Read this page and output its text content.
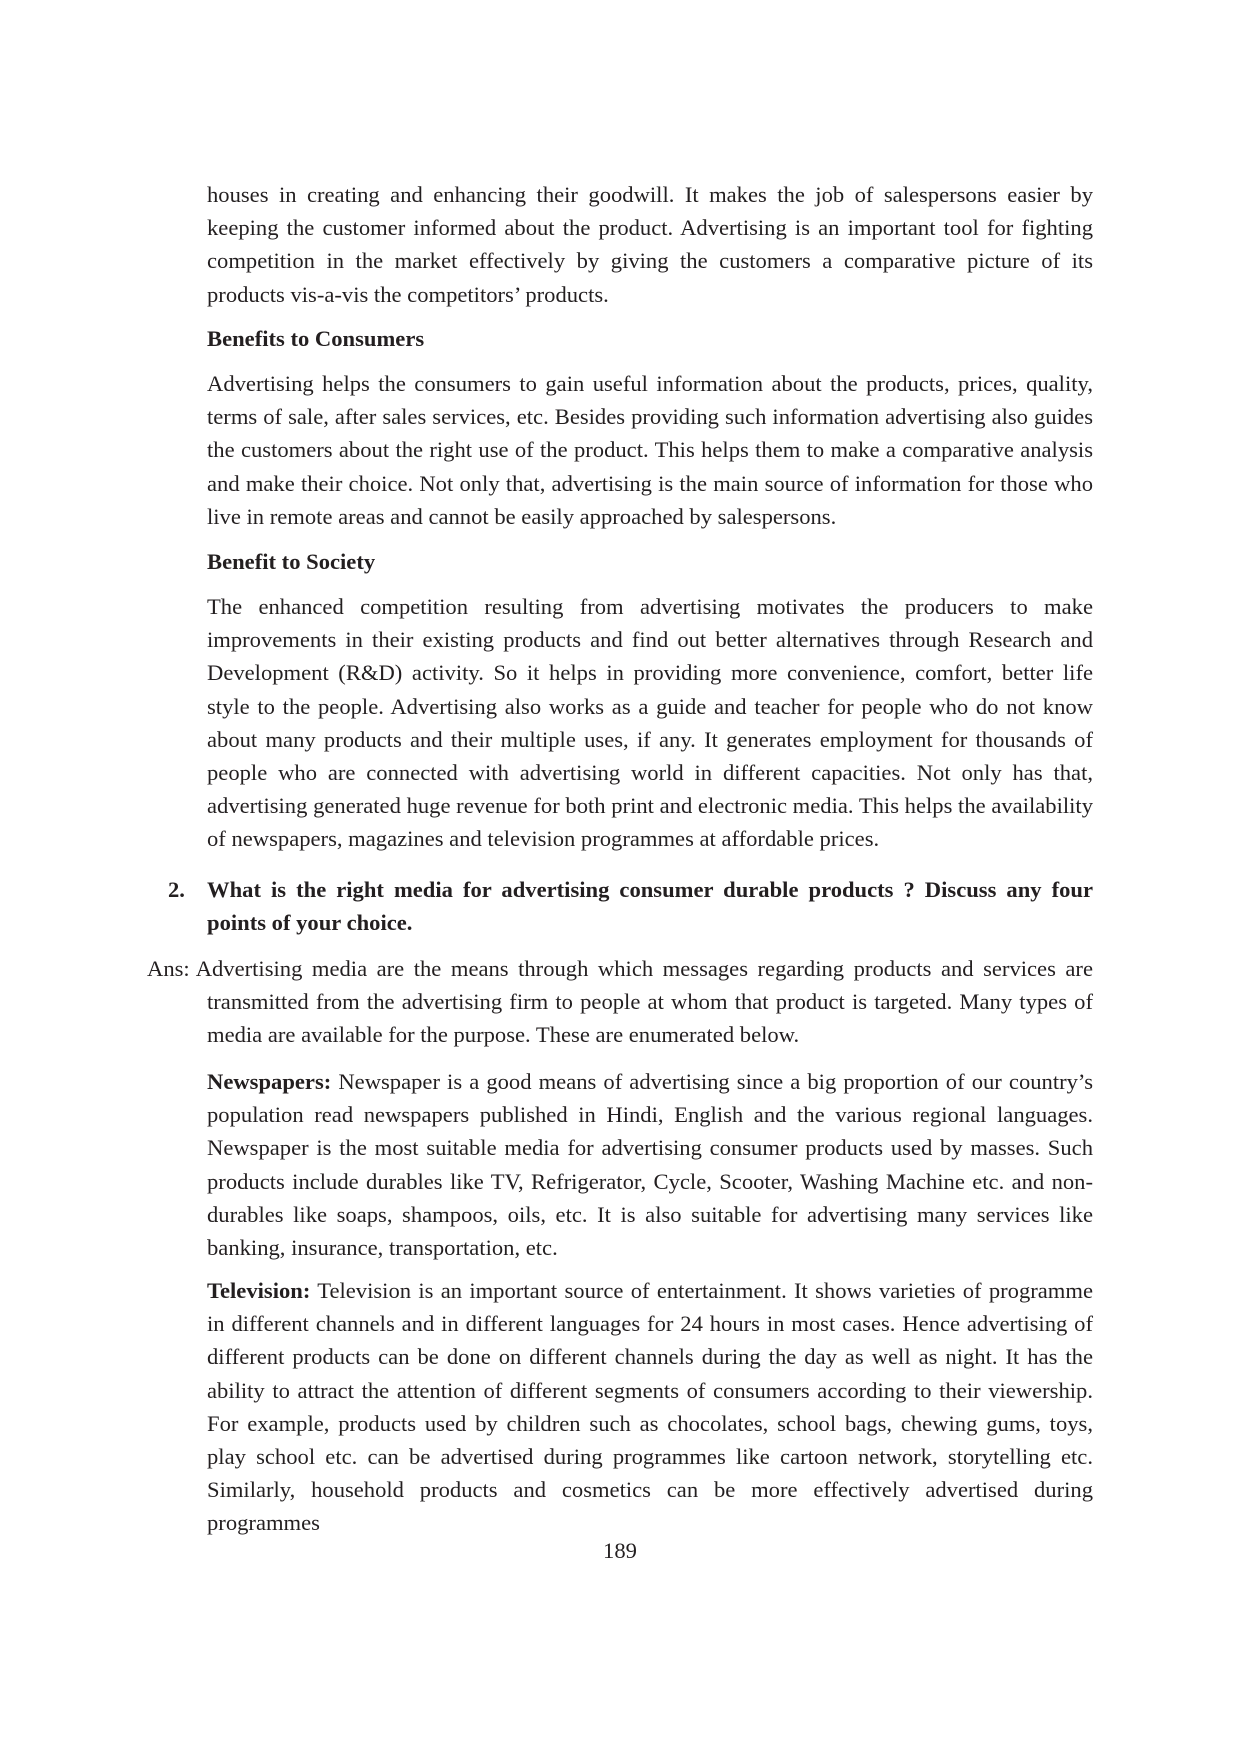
houses in creating and enhancing their goodwill. It makes the job of salespersons easier by keeping the customer informed about the product. Advertising is an important tool for fighting competition in the market effectively by giving the customers a comparative picture of its products vis-a-vis the competitors’ products.

Benefits to Consumers

Advertising helps the consumers to gain useful information about the products, prices, quality, terms of sale, after sales services, etc. Besides providing such information advertising also guides the customers about the right use of the product. This helps them to make a comparative analysis and make their choice. Not only that, advertising is the main source of information for those who live in remote areas and cannot be easily approached by salespersons.

Benefit to Society

The enhanced competition resulting from advertising motivates the producers to make improvements in their existing products and find out better alternatives through Research and Development (R&D) activity. So it helps in providing more convenience, comfort, better life style to the people. Advertising also works as a guide and teacher for people who do not know about many products and their multiple uses, if any. It generates employment for thousands of people who are connected with advertising world in different capacities. Not only has that, advertising generated huge revenue for both print and electronic media. This helps the availability of newspapers, magazines and television programmes at affordable prices.

2. What is the right media for advertising consumer durable products ? Discuss any four points of your choice.
Ans: Advertising media are the means through which messages regarding products and services are transmitted from the advertising firm to people at whom that product is targeted. Many types of media are available for the purpose. These are enumerated below.

Newspapers: Newspaper is a good means of advertising since a big proportion of our country’s population read newspapers published in Hindi, English and the various regional languages. Newspaper is the most suitable media for advertising consumer products used by masses. Such products include durables like TV, Refrigerator, Cycle, Scooter, Washing Machine etc. and non-durables like soaps, shampoos, oils, etc. It is also suitable for advertising many services like banking, insurance, transportation, etc.

Television: Television is an important source of entertainment. It shows varieties of programme in different channels and in different languages for 24 hours in most cases. Hence advertising of different products can be done on different channels during the day as well as night. It has the ability to attract the attention of different segments of consumers according to their viewership. For example, products used by children such as chocolates, school bags, chewing gums, toys, play school etc. can be advertised during programmes like cartoon network, storytelling etc. Similarly, household products and cosmetics can be more effectively advertised during programmes

189
